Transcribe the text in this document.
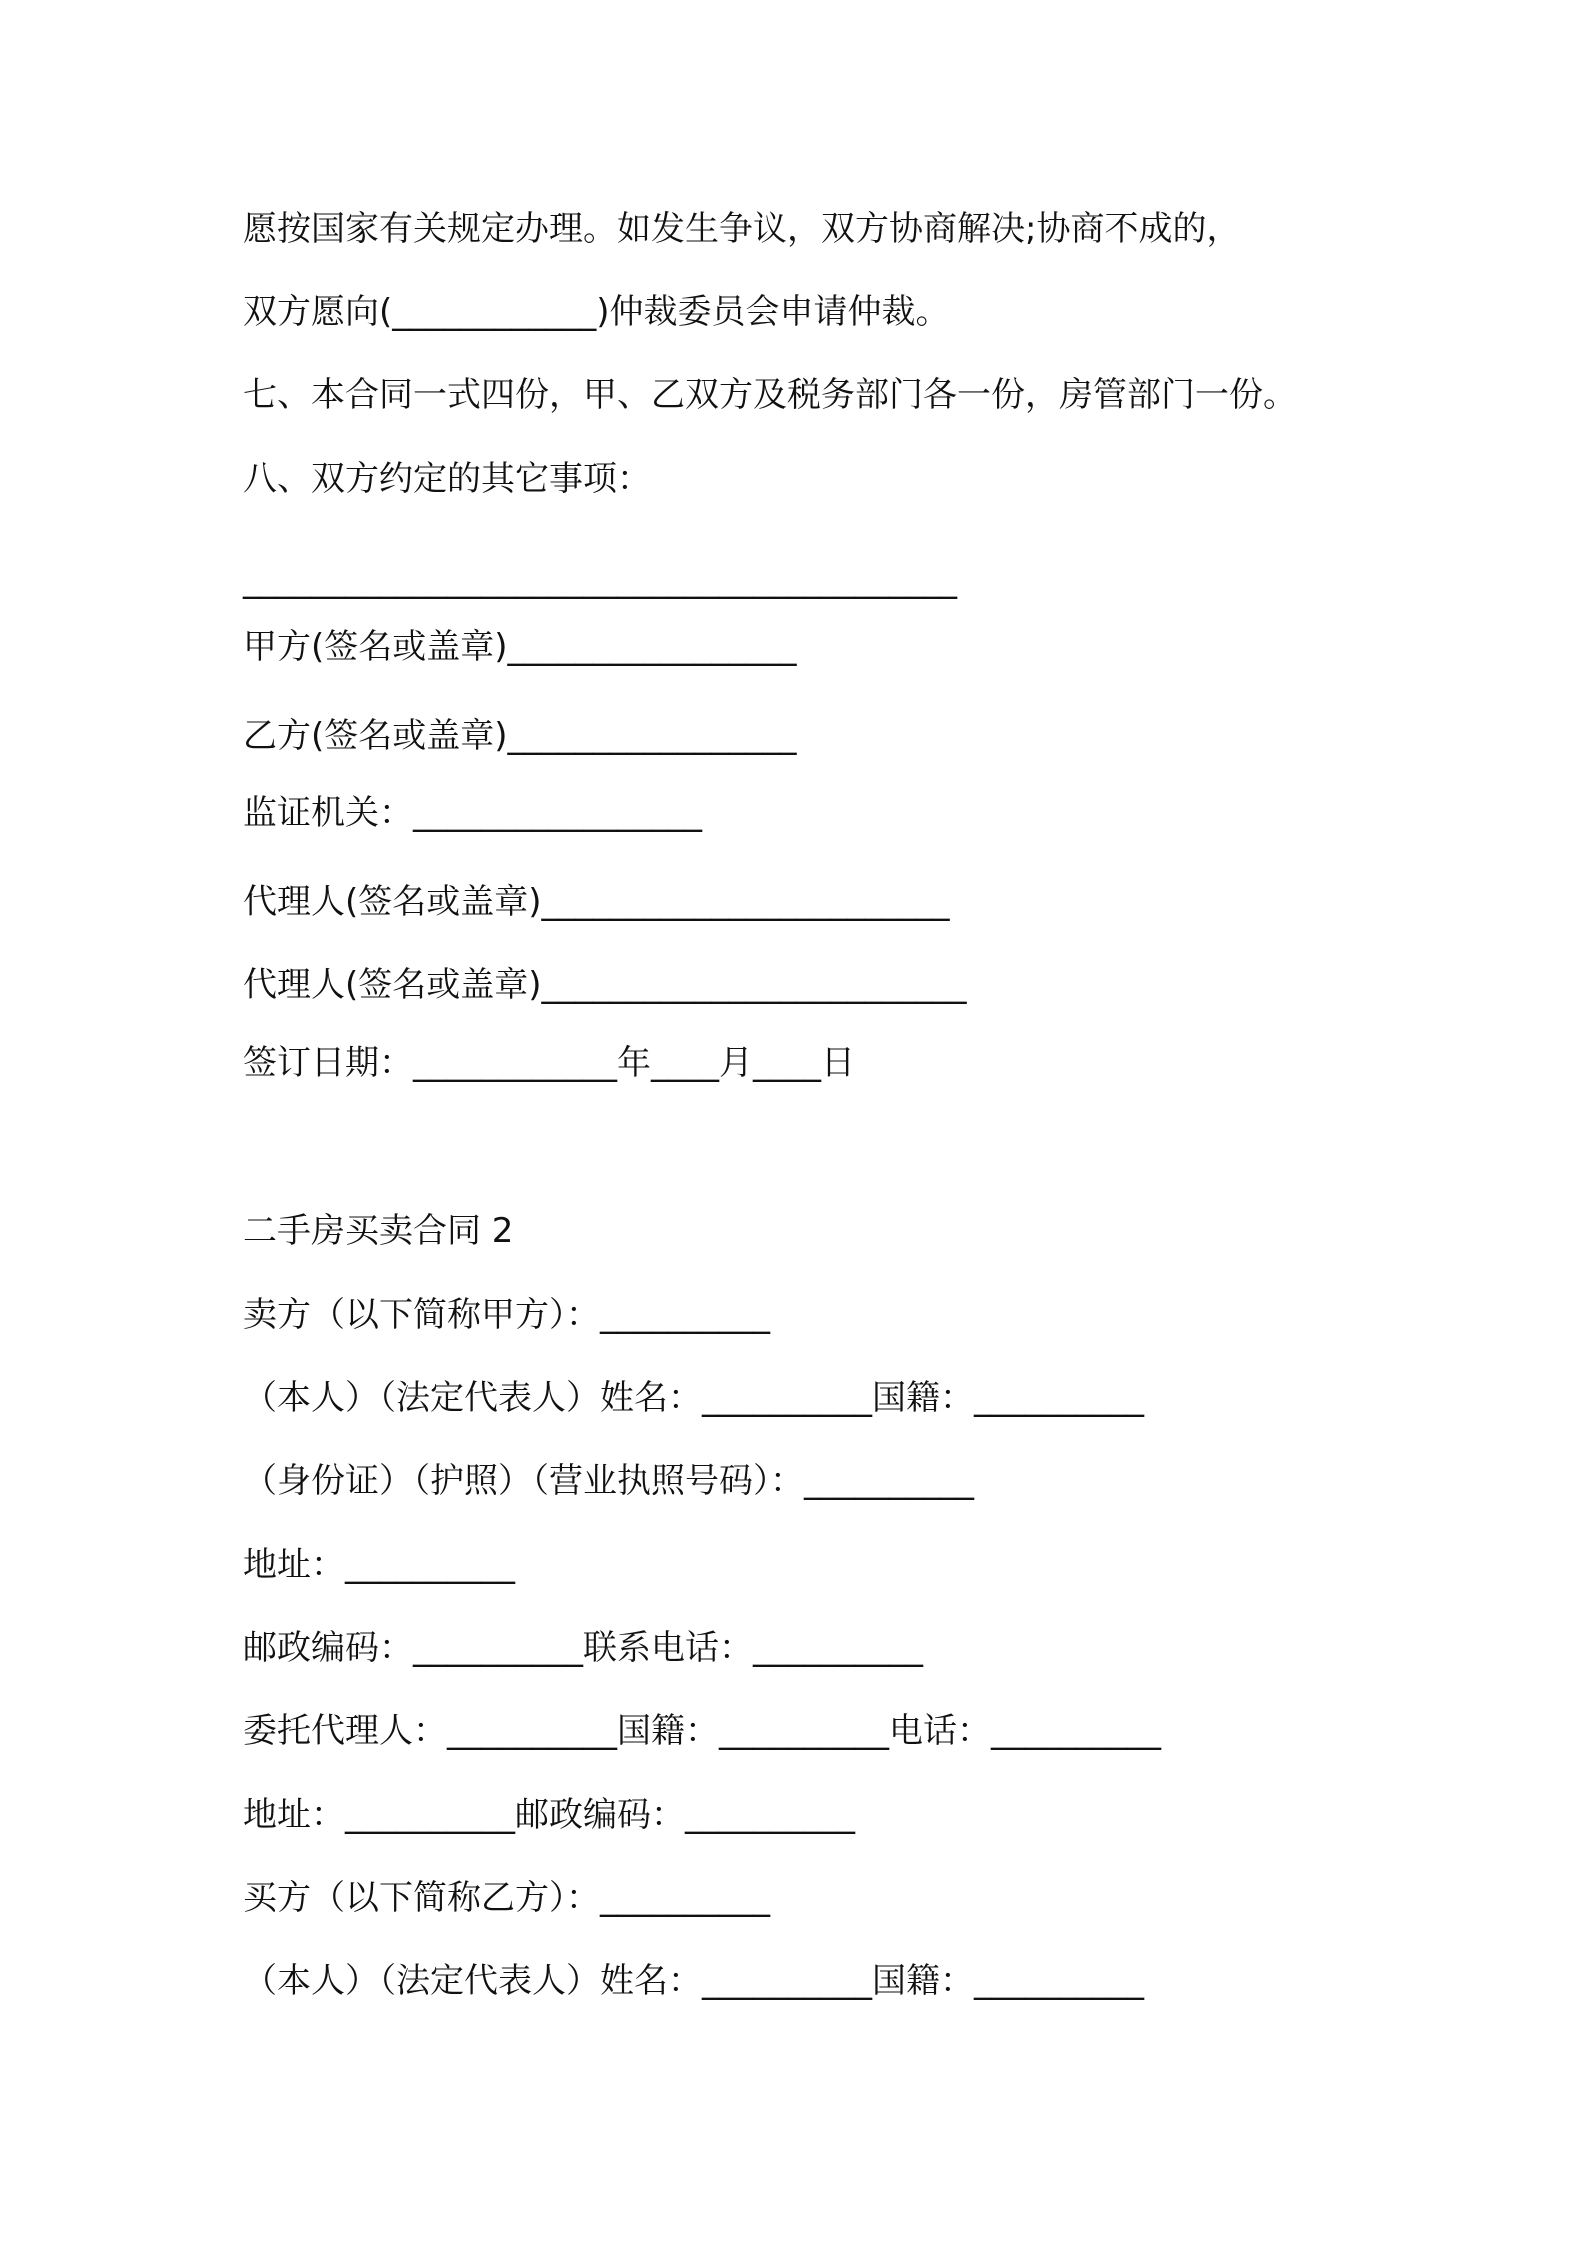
愿按国家有关规定办理。如发生争议，双方协商解决;协商不成的，
双方愿向(____________)仲裁委员会申请仲裁。
七、本合同一式四份，甲、乙双方及税务部门各一份，房管部门一份。
八、双方约定的其它事项：
__________________________________________
甲方(签名或盖章)_________________
乙方(签名或盖章)_________________
监证机关：_________________
代理人(签名或盖章)________________________
代理人(签名或盖章)_________________________
签订日期：____________年____月____日
二手房买卖合同 2
卖方（以下简称甲方）：__________
（本人）（法定代表人）姓名：__________国籍：__________
（身份证）（护照）（营业执照号码）：__________
地址：__________
邮政编码：__________联系电话：__________
委托代理人：__________国籍：__________电话：__________
地址：__________邮政编码：__________
买方（以下简称乙方）：__________
（本人）（法定代表人）姓名：__________国籍：__________
